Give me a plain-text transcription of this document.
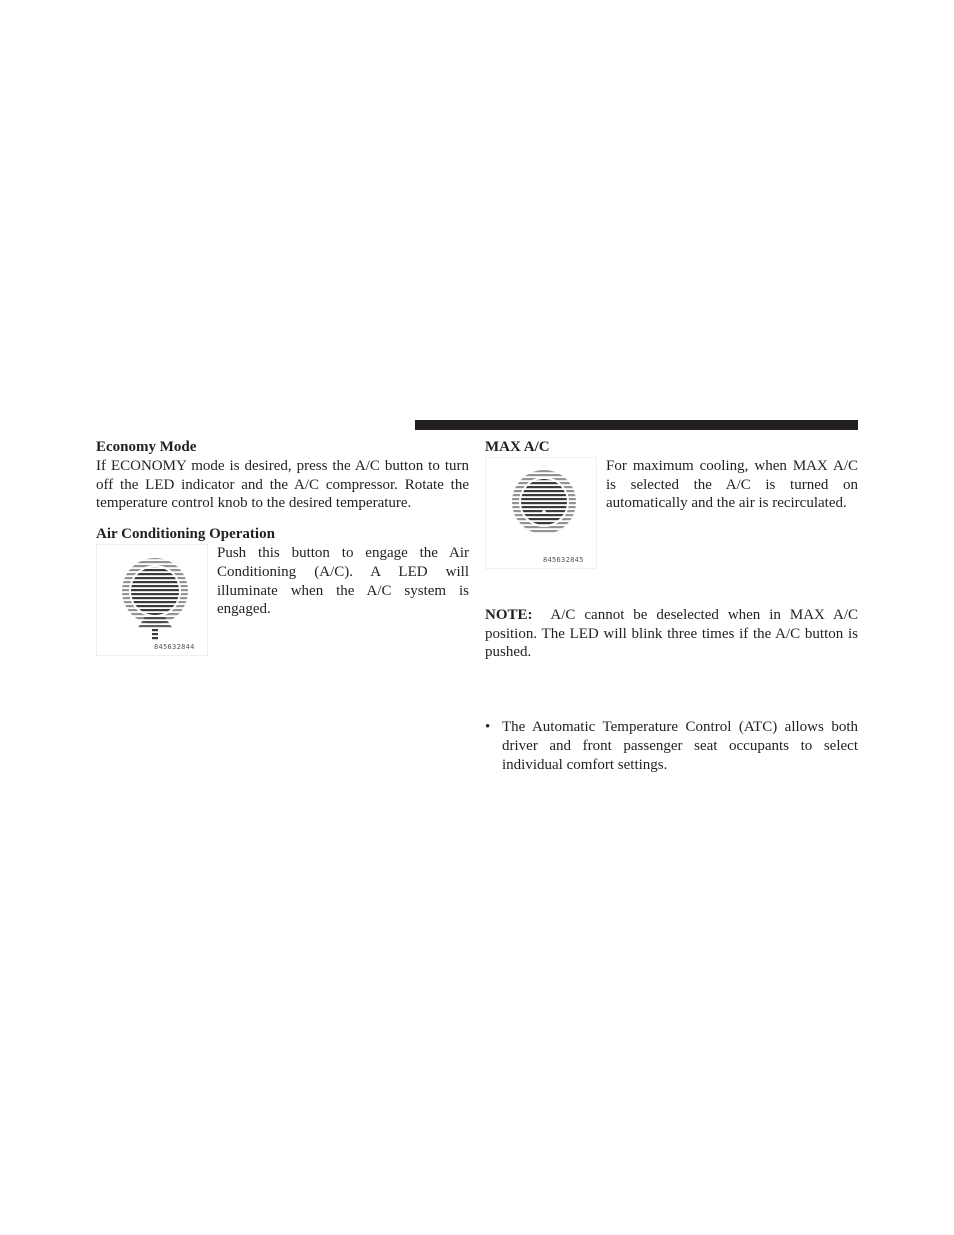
Economy Mode

If ECONOMY mode is desired, press the A/C button to turn off the LED indicator and the A/C compressor. Rotate the temperature control knob to the desired temperature.

Air Conditioning Operation

845632844

Push this button to engage the Air Conditioning (A/C). A LED will illuminate when the A/C system is engaged.

MAX A/C

845632845

For maximum cooling, when MAX A/C is selected the A/C is turned on automatically and the air is recirculated.

NOTE: A/C cannot be deselected when in MAX A/C position. The LED will blink three times if the A/C button is pushed.

• The Automatic Temperature Control (ATC) allows both driver and front passenger seat occupants to select individual comfort settings.
